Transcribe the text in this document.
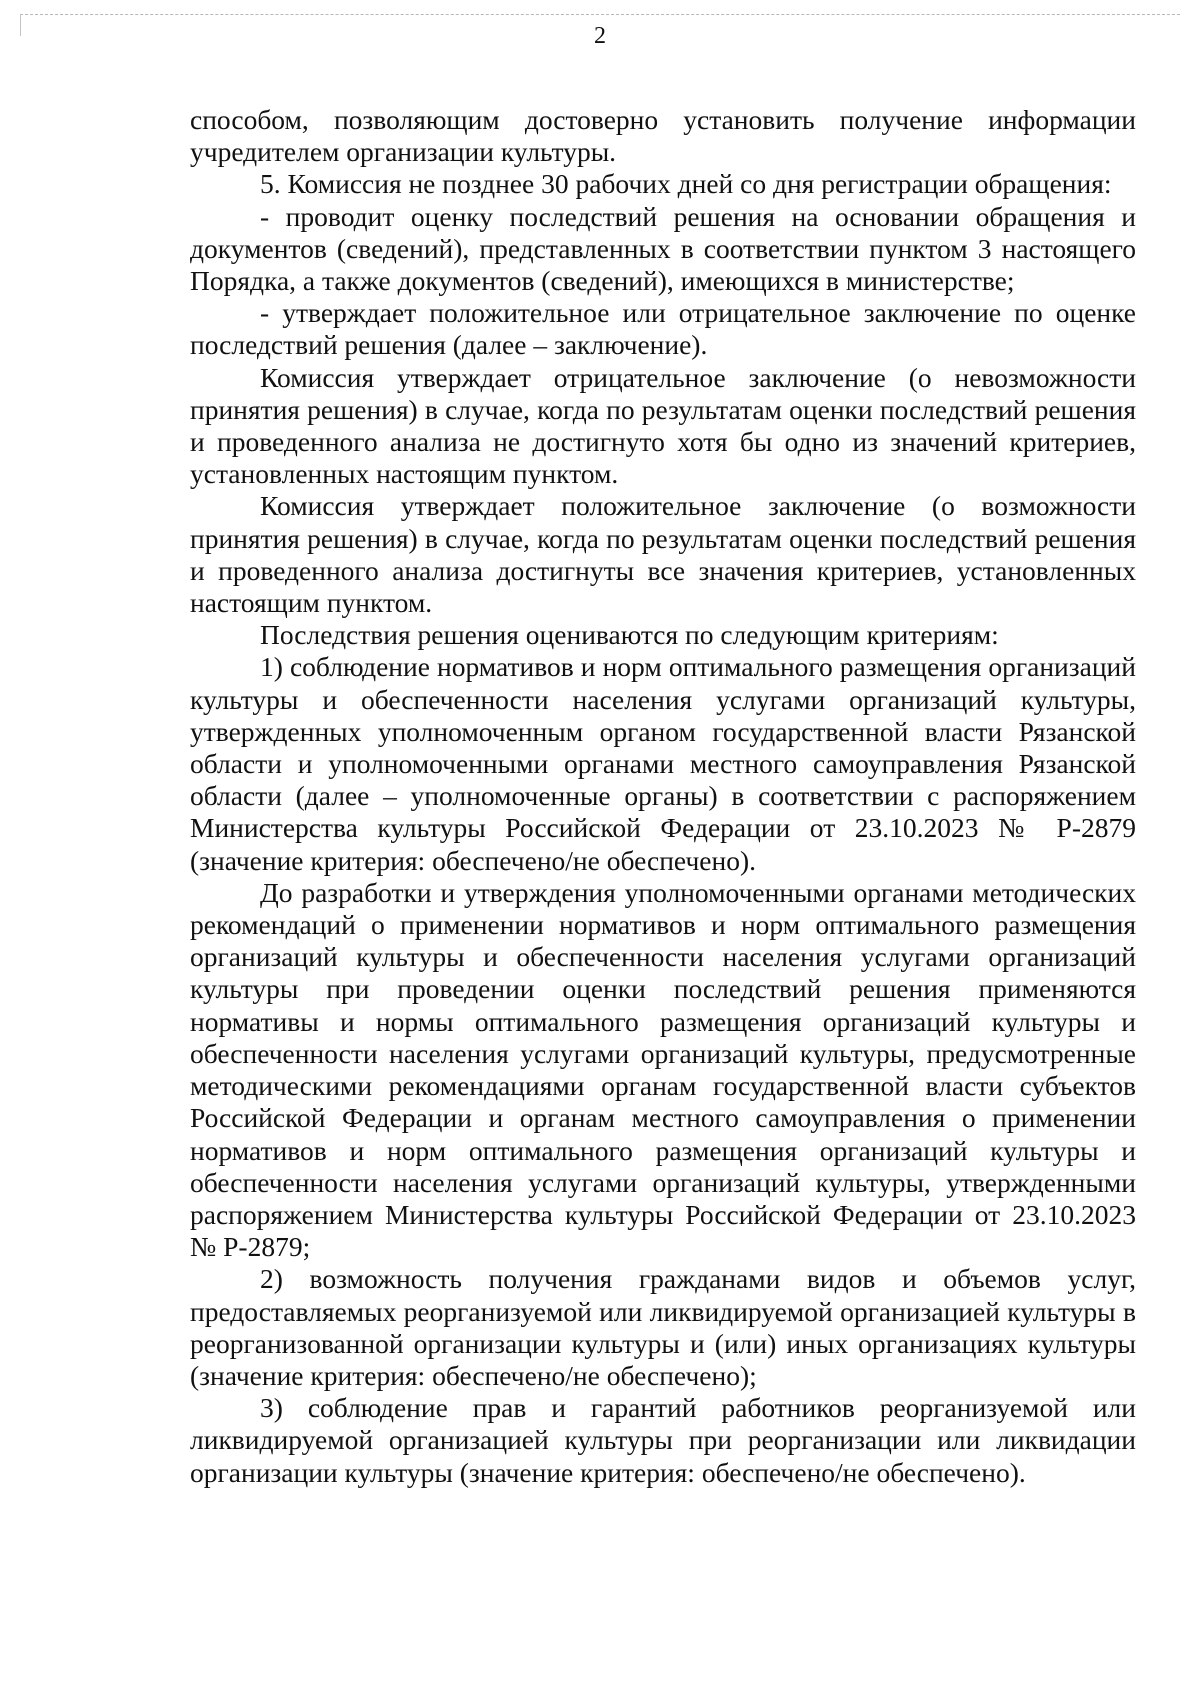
2

способом, позволяющим достоверно установить получение информации учредителем организации культуры.

5. Комиссия не позднее 30 рабочих дней со дня регистрации обращения:

- проводит оценку последствий решения на основании обращения и документов (сведений), представленных в соответствии пунктом 3 настоящего Порядка, а также документов (сведений), имеющихся в министерстве;

- утверждает положительное или отрицательное заключение по оценке последствий решения (далее – заключение).

Комиссия утверждает отрицательное заключение (о невозможности принятия решения) в случае, когда по результатам оценки последствий решения и проведенного анализа не достигнуто хотя бы одно из значений критериев, установленных настоящим пунктом.

Комиссия утверждает положительное заключение (о возможности принятия решения) в случае, когда по результатам оценки последствий решения и проведенного анализа достигнуты все значения критериев, установленных настоящим пунктом.

Последствия решения оцениваются по следующим критериям:

1) соблюдение нормативов и норм оптимального размещения организаций культуры и обеспеченности населения услугами организаций культуры, утвержденных уполномоченным органом государственной власти Рязанской области и уполномоченными органами местного самоуправления Рязанской области (далее – уполномоченные органы) в соответствии с распоряжением Министерства культуры Российской Федерации от 23.10.2023 № Р-2879 (значение критерия: обеспечено/не обеспечено).

До разработки и утверждения уполномоченными органами методических рекомендаций о применении нормативов и норм оптимального размещения организаций культуры и обеспеченности населения услугами организаций культуры при проведении оценки последствий решения применяются нормативы и нормы оптимального размещения организаций культуры и обеспеченности населения услугами организаций культуры, предусмотренные методическими рекомендациями органам государственной власти субъектов Российской Федерации и органам местного самоуправления о применении нормативов и норм оптимального размещения организаций культуры и обеспеченности населения услугами организаций культуры, утвержденными распоряжением Министерства культуры Российской Федерации от 23.10.2023 № Р-2879;

2) возможность получения гражданами видов и объемов услуг, предоставляемых реорганизуемой или ликвидируемой организацией культуры в реорганизованной организации культуры и (или) иных организациях культуры (значение критерия: обеспечено/не обеспечено);

3) соблюдение прав и гарантий работников реорганизуемой или ликвидируемой организацией культуры при реорганизации или ликвидации организации культуры (значение критерия: обеспечено/не обеспечено).
